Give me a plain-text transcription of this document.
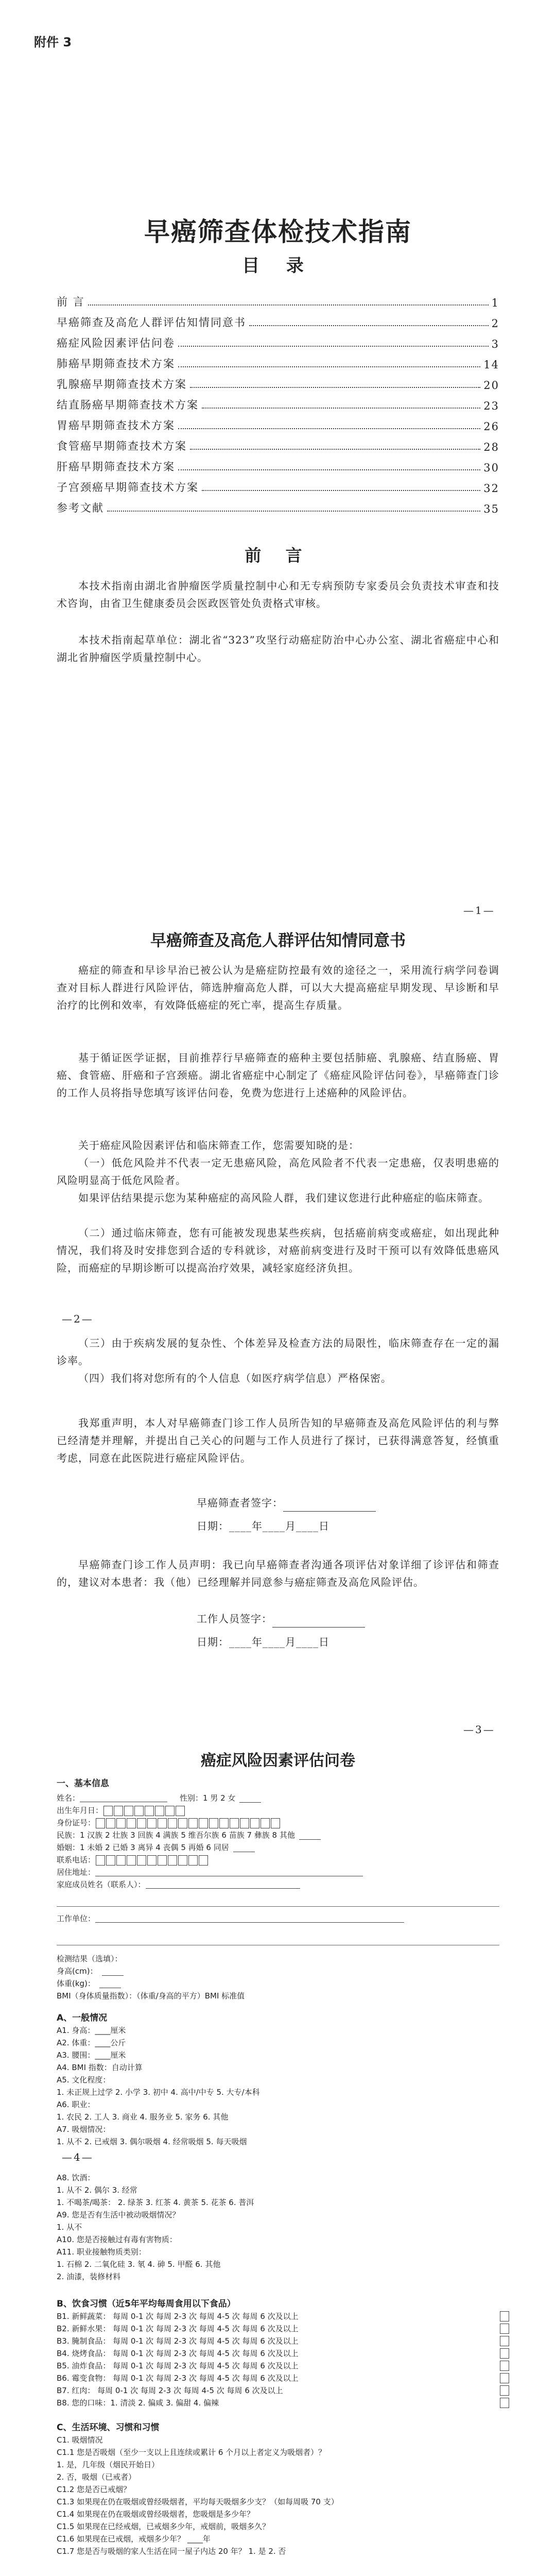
附件 3
早癌筛查体检技术指南
目 录
前 言	1
早癌筛查及高危人群评估知情同意书	2
癌症风险因素评估问卷	3
肺癌早期筛查技术方案	14
乳腺癌早期筛查技术方案	20
结直肠癌早期筛查技术方案	23
胃癌早期筛查技术方案	26
食管癌早期筛查技术方案	28
肝癌早期筛查技术方案	30
子宫颈癌早期筛查技术方案	32
参考文献	35
前 言

本技术指南由湖北省肿瘤医学质量控制中心和无专病预防专家委员会负责技术审查和技术咨询，由省卫生健康委员会医政医管处负责格式审核。

本技术指南起草单位：湖北省“323”攻坚行动癌症防治中心办公室、湖北省癌症中心和湖北省肿瘤医学质量控制中心。

—1—
早癌筛查及高危人群评估知情同意书

癌症的筛查和早诊早治已被公认为是癌症防控最有效的途径之一，采用流行病学问卷调查对目标人群进行风险评估，筛选肿瘤高危人群，可以大大提高癌症早期发现、早诊断和早治疗的比例和效率，有效降低癌症的死亡率，提高生存质量。

基于循证医学证据，目前推荐行早癌筛查的癌种主要包括肺癌、乳腺癌、结直肠癌、胃癌、食管癌、肝癌和子宫颈癌。湖北省癌症中心制定了《癌症风险评估问卷》，早癌筛查门诊的工作人员将指导您填写该评估问卷，免费为您进行上述癌种的风险评估。

关于癌症风险因素评估和临床筛查工作，您需要知晓的是：

（一）低危风险并不代表一定无患癌风险，高危风险者不代表一定患癌，仅表明患癌的风险明显高于低危风险者。

如果评估结果提示您为某种癌症的高风险人群，我们建议您进行此种癌症的临床筛查。

（二）通过临床筛查，您有可能被发现患某些疾病，包括癌前病变或癌症，如出现此种情况，我们将及时安排您到合适的专科就诊，对癌前病变进行及时干预可以有效降低患癌风险，而癌症的早期诊断可以提高治疗效果，减轻家庭经济负担。

—2—

（三）由于疾病发展的复杂性、个体差异及检查方法的局限性，临床筛查存在一定的漏诊率。

（四）我们将对您所有的个人信息（如医疗病学信息）严格保密。

我郑重声明，本人对早癌筛查门诊工作人员所告知的早癌筛查及高危风险评估的利与弊已经清楚并理解，并提出自己关心的问题与工作人员进行了探讨，已获得满意答复，经慎重考虑，同意在此医院进行癌症风险评估。

早癌筛查者签字：
日期：____年____月____日

早癌筛查门诊工作人员声明：我已向早癌筛查者沟通各项评估对象详细了诊评估和筛查的，建议对本患者：我（他）已经理解并同意参与癌症筛查及高危风险评估。

工作人员签字：
日期：____年____月____日
—3—
癌症风险因素评估问卷
一、基本信息
姓名：	性别：1 男 2 女
出生年月日：
身份证号：
民族：1 汉族 2 壮族 3 回族 4 满族 5 维吾尔族 6 苗族 7 彝族 8 其他
婚姻：1 未婚 2 已婚 3 离异 4 丧偶 5 再婚 6 同居
联系电话：
居住地址：
家庭成员姓名（联系人）：
工作单位：
检测结果（选填）：
身高(cm)：
体重(kg)：
BMI（身体质量指数）：（体重/身高的平方）BMI 标准值
A、一般情况
A1. 身高：____厘米
A2. 体重：____公斤
A3. 腰围：____厘米
A4. BMI 指数：自动计算
A5. 文化程度：
1. 未正规上过学 2. 小学 3. 初中 4. 高中/中专 5. 大专/本科
A6. 职业：
1. 农民 2. 工人 3. 商业 4. 服务业 5. 家务 6. 其他
A7. 吸烟情况：
1. 从不 2. 已戒烟 3. 偶尔吸烟 4. 经常吸烟 5. 每天吸烟
—4—
A8. 饮酒：
1. 从不 2. 偶尔 3. 经常
1. 不喝茶/喝茶： 2. 绿茶 3. 红茶 4. 黄茶 5. 花茶 6. 普洱
A9. 您是否有生活中被动吸烟情况？
1. 从不
A10. 您是否接触过有毒有害物质：
A11. 职业接触物质类别：
1. 石棉 2. 二氧化硅 3. 氡 4. 砷 5. 甲醛 6. 其他
2. 油漆，装修材料
B、饮食习惯（近5年平均每周食用以下食品）
B1. 新鲜蔬菜： 每周 0-1 次 每周 2-3 次 每周 4-5 次 每周 6 次及以上
B2. 新鲜水果： 每周 0-1 次 每周 2-3 次 每周 4-5 次 每周 6 次及以上
B3. 腌制食品： 每周 0-1 次 每周 2-3 次 每周 4-5 次 每周 6 次及以上
B4. 烧烤食品： 每周 0-1 次 每周 2-3 次 每周 4-5 次 每周 6 次及以上
B5. 油炸食品： 每周 0-1 次 每周 2-3 次 每周 4-5 次 每周 6 次及以上
B6. 霉变食物： 每周 0-1 次 每周 2-3 次 每周 4-5 次 每周 6 次及以上
B7. 红肉： 每周 0-1 次 每周 2-3 次 每周 4-5 次 每周 6 次及以上
B8. 您的口味：1. 清淡 2. 偏咸 3. 偏甜 4. 偏辣
C、生活环境、习惯和习惯
C1. 吸烟情况
C1.1 您是否吸烟（至少一支以上且连续或累计 6 个月以上者定义为吸烟者）？
1. 是，几年级（烟民开始日）
2. 否，吸烟（已戒者）
C1.2 您是否已戒烟？
C1.3 如果现在仍在吸烟或曾经吸烟者，平均每天吸烟多少支？（如每周吸 70 支）
C1.4 如果现在仍在吸烟或曾经吸烟者，您吸烟是多少年？
C1.5 如果现在已经戒烟，已戒烟多少年，戒烟前，吸烟多久？
C1.6 如果现在已戒烟，戒烟多少年？ ____年
C1.7 您是否与吸烟的家人生活在同一屋子内达 20 年？ 1. 是 2. 否
